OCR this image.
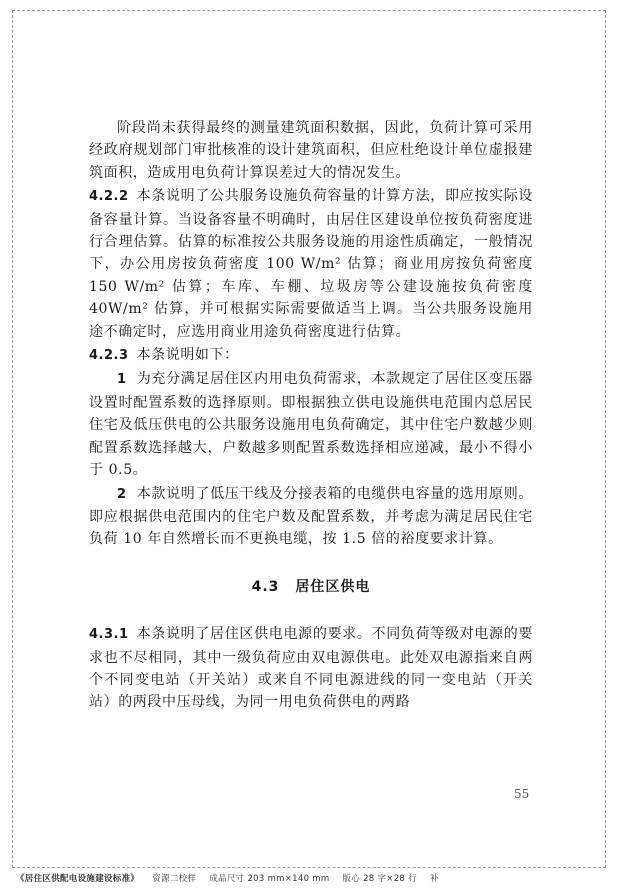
阶段尚未获得最终的测量建筑面积数据，因此，负荷计算可采用经政府规划部门审批核准的设计建筑面积，但应杜绝设计单位虚报建筑面积，造成用电负荷计算误差过大的情况发生。

4.2.2 本条说明了公共服务设施负荷容量的计算方法，即应按实际设备容量计算。当设备容量不明确时，由居住区建设单位按负荷密度进行合理估算。估算的标准按公共服务设施的用途性质确定，一般情况下，办公用房按负荷密度 100 W/m² 估算；商业用房按负荷密度 150 W/m² 估算；车库、车棚、垃圾房等公建设施按负荷密度 40W/m² 估算，并可根据实际需要做适当上调。当公共服务设施用途不确定时，应选用商业用途负荷密度进行估算。

4.2.3 本条说明如下：

1 为充分满足居住区内用电负荷需求，本款规定了居住区变压器设置时配置系数的选择原则。即根据独立供电设施供电范围内总居民住宅及低压供电的公共服务设施用电负荷确定，其中住宅户数越少则配置系数选择越大，户数越多则配置系数选择相应递减，最小不得小于 0.5。

2 本款说明了低压干线及分接表箱的电缆供电容量的选用原则。即应根据供电范围内的住宅户数及配置系数，并考虑为满足居民住宅负荷 10 年自然增长而不更换电缆，按 1.5 倍的裕度要求计算。

4.3 居住区供电

4.3.1 本条说明了居住区供电电源的要求。不同负荷等级对电源的要求也不尽相同，其中一级负荷应由双电源供电。此处双电源指来自两个不同变电站（开关站）或来自不同电源进线的同一变电站（开关站）的两段中压母线，为同一用电负荷供电的两路

55
《居住区供配电设施建设标准》 资源二校样 成品尺寸 203 mm×140 mm 版心 28 字×28 行 补
